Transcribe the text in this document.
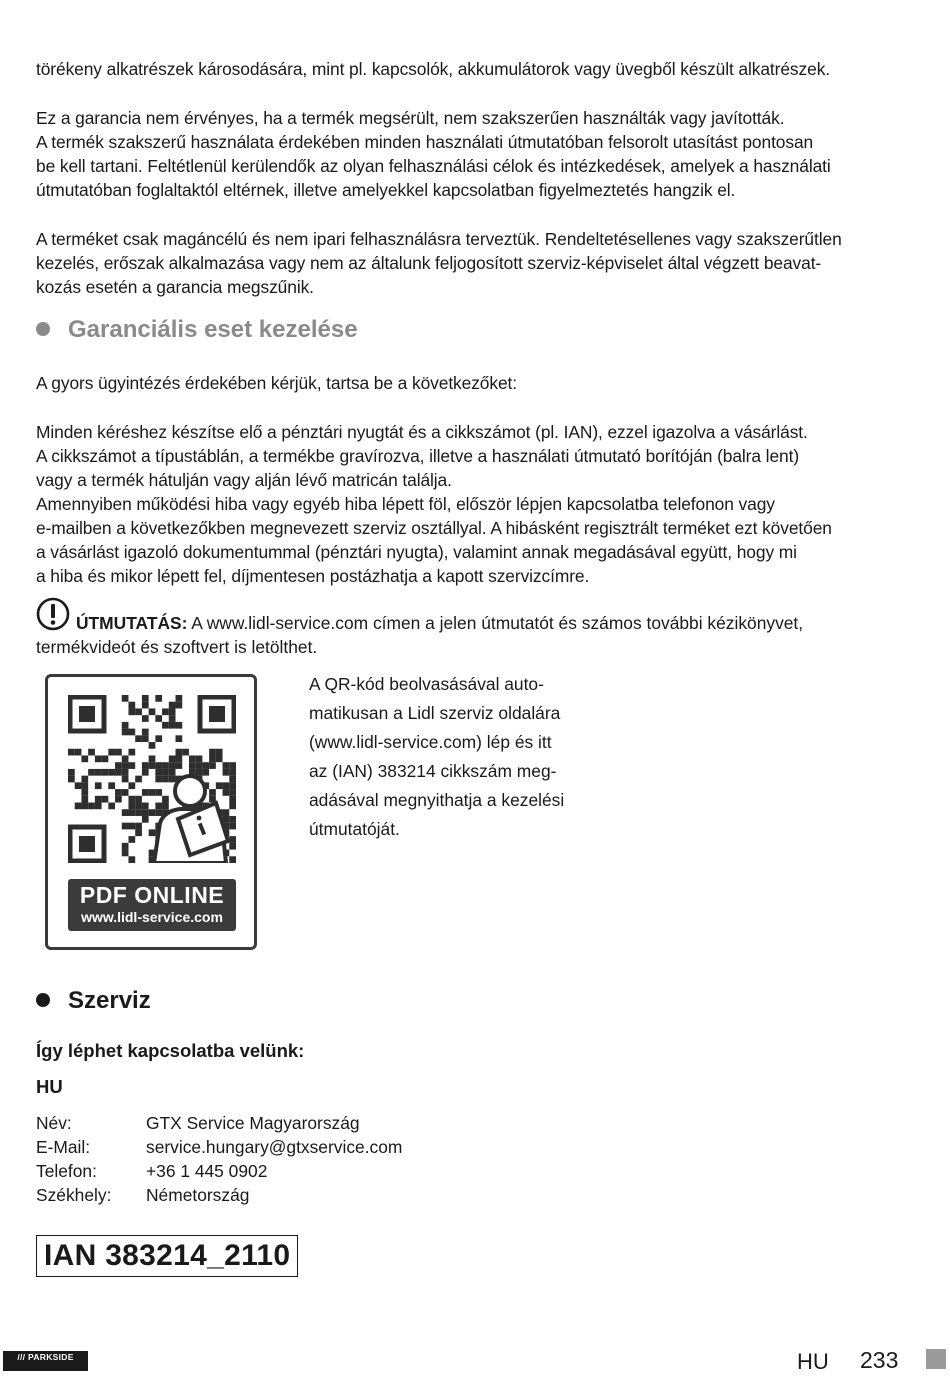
törékeny alkatrészek károsodására, mint pl. kapcsolók, akkumulátorok vagy üvegből készült alkatrészek.
Ez a garancia nem érvényes, ha a termék megsérült, nem szakszerűen használták vagy javították.
A termék szakszerű használata érdekében minden használati útmutatóban felsorolt utasítást pontosan
be kell tartani. Feltétlenül kerülendők az olyan felhasználási célok és intézkedések, amelyek a használati
útmutatóban foglaltaktól eltérnek, illetve amelyekkel kapcsolatban figyelmeztetés hangzik el.
A terméket csak magáncélú és nem ipari felhasználásra terveztük. Rendeltetésellenes vagy szakszerűtlen
kezelés, erőszak alkalmazása vagy nem az általunk feljogosított szerviz-képviselet által végzett beavat-
kozás esetén a garancia megszűnik.
Garanciális eset kezelése
A gyors ügyintézés érdekében kérjük, tartsa be a következőket:
Minden kéréshez készítse elő a pénztári nyugtát és a cikkszámot (pl. IAN), ezzel igazolva a vásárlást.
A cikkszámot a típustáblán, a termékbe gravírozva, illetve a használati útmutató borítóján (balra lent)
vagy a termék hátulján vagy alján lévő matricán találja.
Amennyiben működési hiba vagy egyéb hiba lépett föl, először lépjen kapcsolatba telefonon vagy
e-mailben a következőkben megnevezett szerviz osztállyal. A hibásként regisztrált terméket ezt követően
a vásárlást igazoló dokumentummal (pénztári nyugta), valamint annak megadásával együtt, hogy mi
a hiba és mikor lépett fel, díjmentesen postázhatja a kapott szervizcímre.
ÚTMUTATÁS: A www.lidl-service.com címen a jelen útmutatót és számos további kézikönyvet,
termékvideót és szoftvert is letölthet.
PDF ONLINE
www.lidl-service.com
A QR-kód beolvasásával auto-
matikusan a Lidl szerviz oldalára
(www.lidl-service.com) lép és itt
az (IAN) 383214 cikkszám meg-
adásával megnyithatja a kezelési
útmutatóját.
Szerviz
Így léphet kapcsolatba velünk:
HU
Név:	GTX Service Magyarország
E-Mail:	service.hungary@gtxservice.com
Telefon:	+36 1 445 0902
Székhely:	Németország
IAN 383214_2110
/// PARKSIDE	HU 233
